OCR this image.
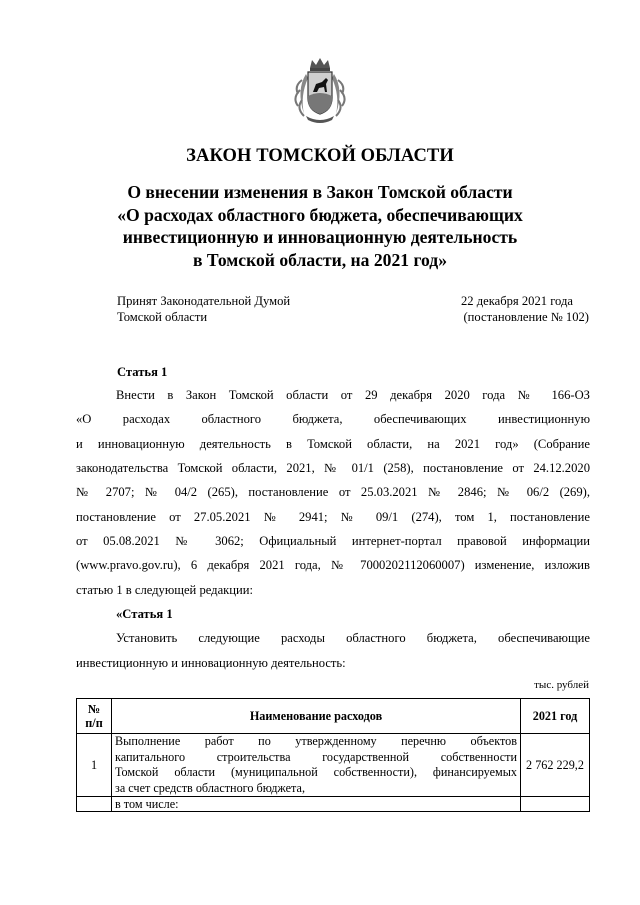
ЗАКОН ТОМСКОЙ ОБЛАСТИ
О внесении изменения в Закон Томской области
«О расходах областного бюджета, обеспечивающих
инвестиционную и инновационную деятельность
в Томской области, на 2021 год»
Принят Законодательной Думой
Томской области
22 декабря 2021 года
(постановление № 102)
Статья 1
Внести в Закон Томской области от 29 декабря 2020 года № 166-ОЗ
«О расходах областного бюджета, обеспечивающих инвестиционную
и инновационную деятельность в Томской области, на 2021 год» (Собрание
законодательства Томской области, 2021, № 01/1 (258), постановление от 24.12.2020
№ 2707; № 04/2 (265), постановление от 25.03.2021 № 2846; № 06/2 (269),
постановление от 27.05.2021 № 2941; № 09/1 (274), том 1, постановление
от 05.08.2021 № 3062; Официальный интернет-портал правовой информации
(www.pravo.gov.ru), 6 декабря 2021 года, № 7000202112060007) изменение, изложив
статью 1 в следующей редакции:
«Статья 1
Установить следующие расходы областного бюджета, обеспечивающие
инвестиционную и инновационную деятельность:
тыс. рублей
№
п/п	Наименование расходов	2021 год
1	Выполнение работ по утвержденному перечню объектов
капитального строительства государственной собственности
Томской области (муниципальной собственности), финансируемых
за счет средств областного бюджета,	2 762 229,2
	в том числе:	
